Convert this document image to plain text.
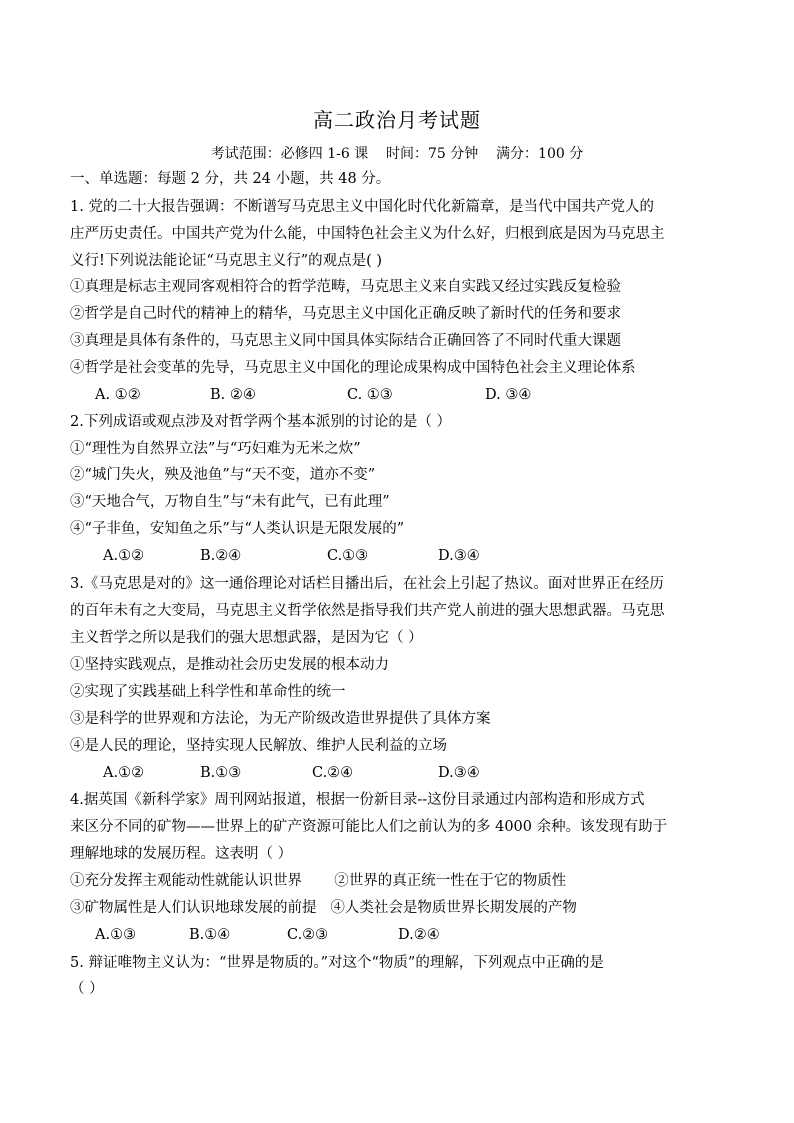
高二政治月考试题
考试范围：必修四 1-6 课    时间：75 分钟    满分：100 分
一、单选题：每题 2 分，共 24 小题，共 48 分。
1. 党的二十大报告强调：不断谱写马克思主义中国化时代化新篇章，是当代中国共产党人的
庄严历史责任。中国共产党为什么能，中国特色社会主义为什么好，归根到底是因为马克思主
义行!下列说法能论证“马克思主义行”的观点是( )
①真理是标志主观同客观相符合的哲学范畴，马克思主义来自实践又经过实践反复检验
②哲学是自己时代的精神上的精华，马克思主义中国化正确反映了新时代的任务和要求
③真理是具体有条件的，马克思主义同中国具体实际结合正确回答了不同时代重大课题
④哲学是社会变革的先导，马克思主义中国化的理论成果构成中国特色社会主义理论体系
A. ①②	B. ②④	C. ①③	D. ③④
2.下列成语或观点涉及对哲学两个基本派别的讨论的是（ ）
①“理性为自然界立法”与“巧妇难为无米之炊”
②“城门失火，殃及池鱼”与“天不变，道亦不变”
③“天地合气，万物自生”与“未有此气，已有此理”
④“子非鱼，安知鱼之乐”与“人类认识是无限发展的”
A.①②	B.②④	C.①③	D.③④
3.《马克思是对的》这一通俗理论对话栏目播出后，在社会上引起了热议。面对世界正在经历
的百年未有之大变局，马克思主义哲学依然是指导我们共产党人前进的强大思想武器。马克思
主义哲学之所以是我们的强大思想武器，是因为它（ ）
①坚持实践观点，是推动社会历史发展的根本动力
②实现了实践基础上科学性和革命性的统一
③是科学的世界观和方法论，为无产阶级改造世界提供了具体方案
④是人民的理论，坚持实现人民解放、维护人民利益的立场
A.①②	B.①③	C.②④	D.③④
4.据英国《新科学家》周刊网站报道，根据一份新目录--这份目录通过内部构造和形成方式
来区分不同的矿物——世界上的矿产资源可能比人们之前认为的多 4000 余种。该发现有助于
理解地球的发展历程。这表明（ ）
①充分发挥主观能动性就能认识世界       ②世界的真正统一性在于它的物质性
③矿物属性是人们认识地球发展的前提   ④人类社会是物质世界长期发展的产物
A.①③	B.①④	C.②③	D.②④
5. 辩证唯物主义认为：“世界是物质的。”对这个“物质”的理解，下列观点中正确的是
（ ）
